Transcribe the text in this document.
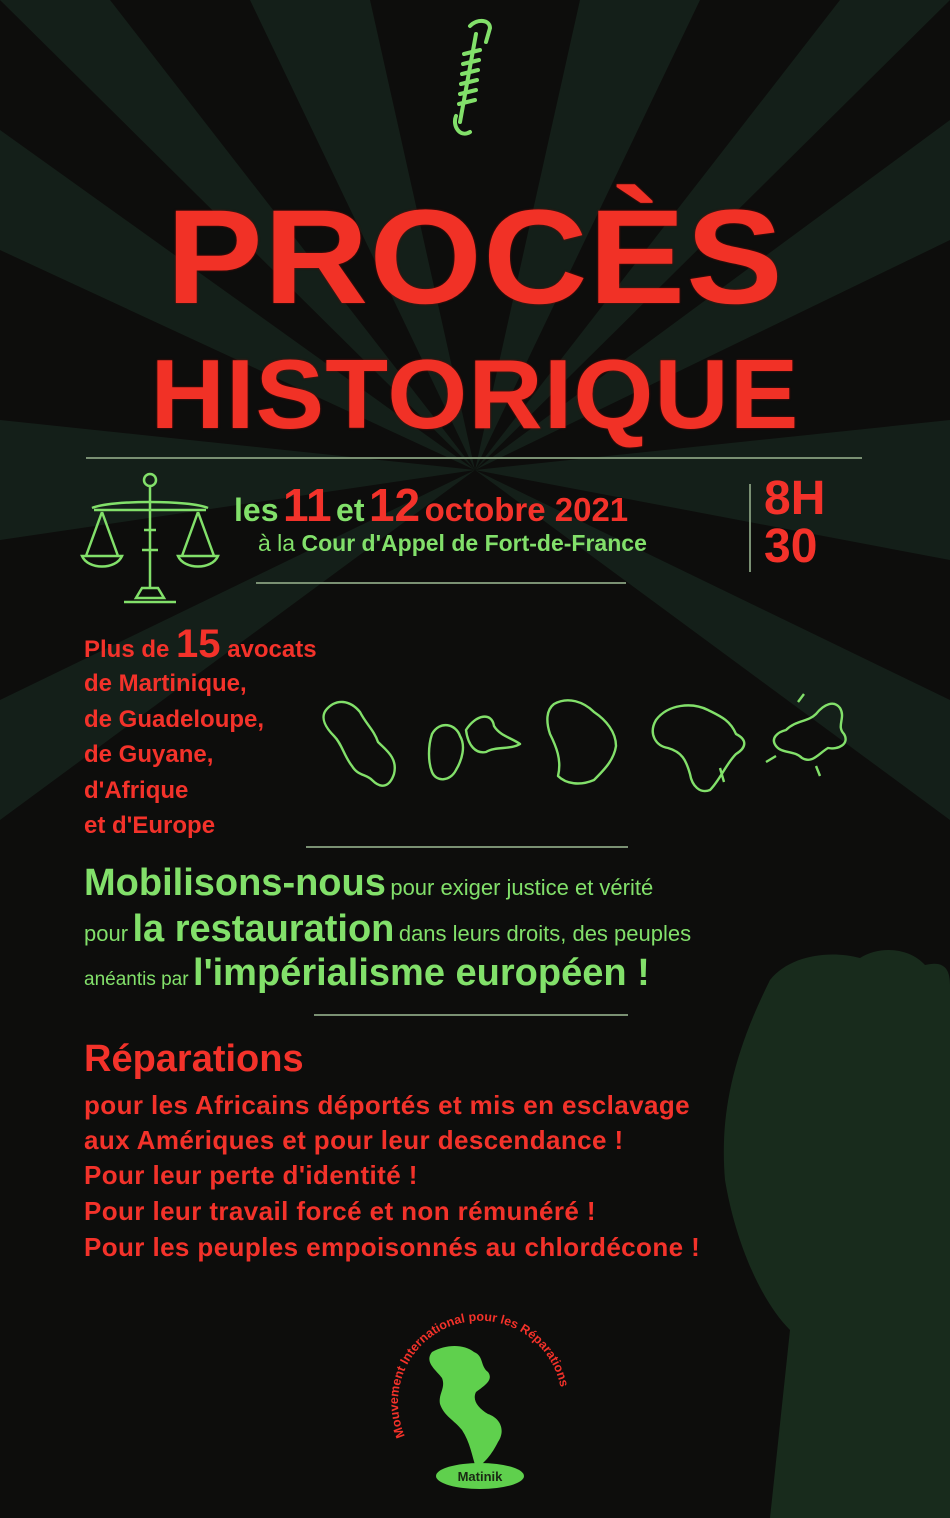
PROCÈS
HISTORIQUE
les 11 et 12 octobre 2021
à la Cour d'Appel de Fort-de-France
8H
30
Plus de 15 avocats
de Martinique,
de Guadeloupe,
de Guyane,
d'Afrique
et d'Europe
Mobilisons-nous pour exiger justice et vérité
pour la restauration dans leurs droits, des peuples
anéantis par l'impérialisme européen !
Réparations
pour les Africains déportés et mis en esclavage
aux Amériques et pour leur descendance !
Pour leur perte d'identité !
Pour leur travail forcé et non rémunéré !
Pour les peuples empoisonnés au chlordécone !
Mouvement International pour les Réparations
Matinik
